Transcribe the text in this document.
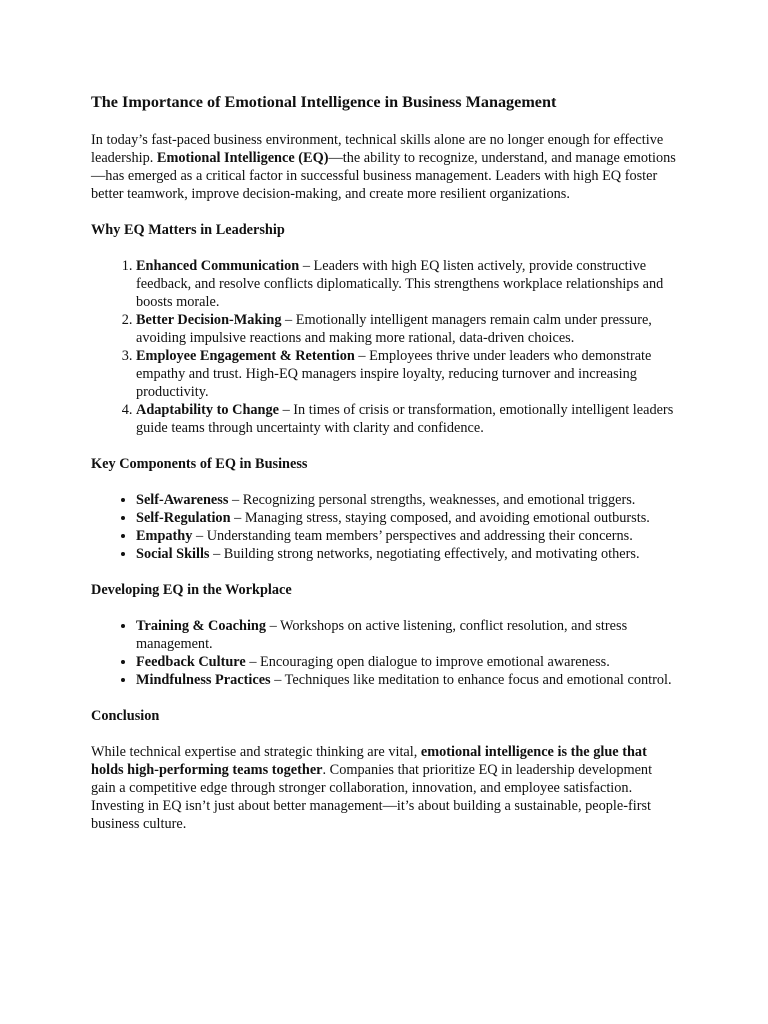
The Importance of Emotional Intelligence in Business Management

In today’s fast-paced business environment, technical skills alone are no longer enough for effective leadership. Emotional Intelligence (EQ)—the ability to recognize, understand, and manage emotions—has emerged as a critical factor in successful business management. Leaders with high EQ foster better teamwork, improve decision-making, and create more resilient organizations.

Why EQ Matters in Leadership
1. Enhanced Communication – Leaders with high EQ listen actively, provide constructive feedback, and resolve conflicts diplomatically. This strengthens workplace relationships and boosts morale.
2. Better Decision-Making – Emotionally intelligent managers remain calm under pressure, avoiding impulsive reactions and making more rational, data-driven choices.
3. Employee Engagement & Retention – Employees thrive under leaders who demonstrate empathy and trust. High-EQ managers inspire loyalty, reducing turnover and increasing productivity.
4. Adaptability to Change – In times of crisis or transformation, emotionally intelligent leaders guide teams through uncertainty with clarity and confidence.
Key Components of EQ in Business
• Self-Awareness – Recognizing personal strengths, weaknesses, and emotional triggers.
• Self-Regulation – Managing stress, staying composed, and avoiding emotional outbursts.
• Empathy – Understanding team members’ perspectives and addressing their concerns.
• Social Skills – Building strong networks, negotiating effectively, and motivating others.
Developing EQ in the Workplace
• Training & Coaching – Workshops on active listening, conflict resolution, and stress management.
• Feedback Culture – Encouraging open dialogue to improve emotional awareness.
• Mindfulness Practices – Techniques like meditation to enhance focus and emotional control.
Conclusion

While technical expertise and strategic thinking are vital, emotional intelligence is the glue that holds high-performing teams together. Companies that prioritize EQ in leadership development gain a competitive edge through stronger collaboration, innovation, and employee satisfaction. Investing in EQ isn’t just about better management—it’s about building a sustainable, people-first business culture.
